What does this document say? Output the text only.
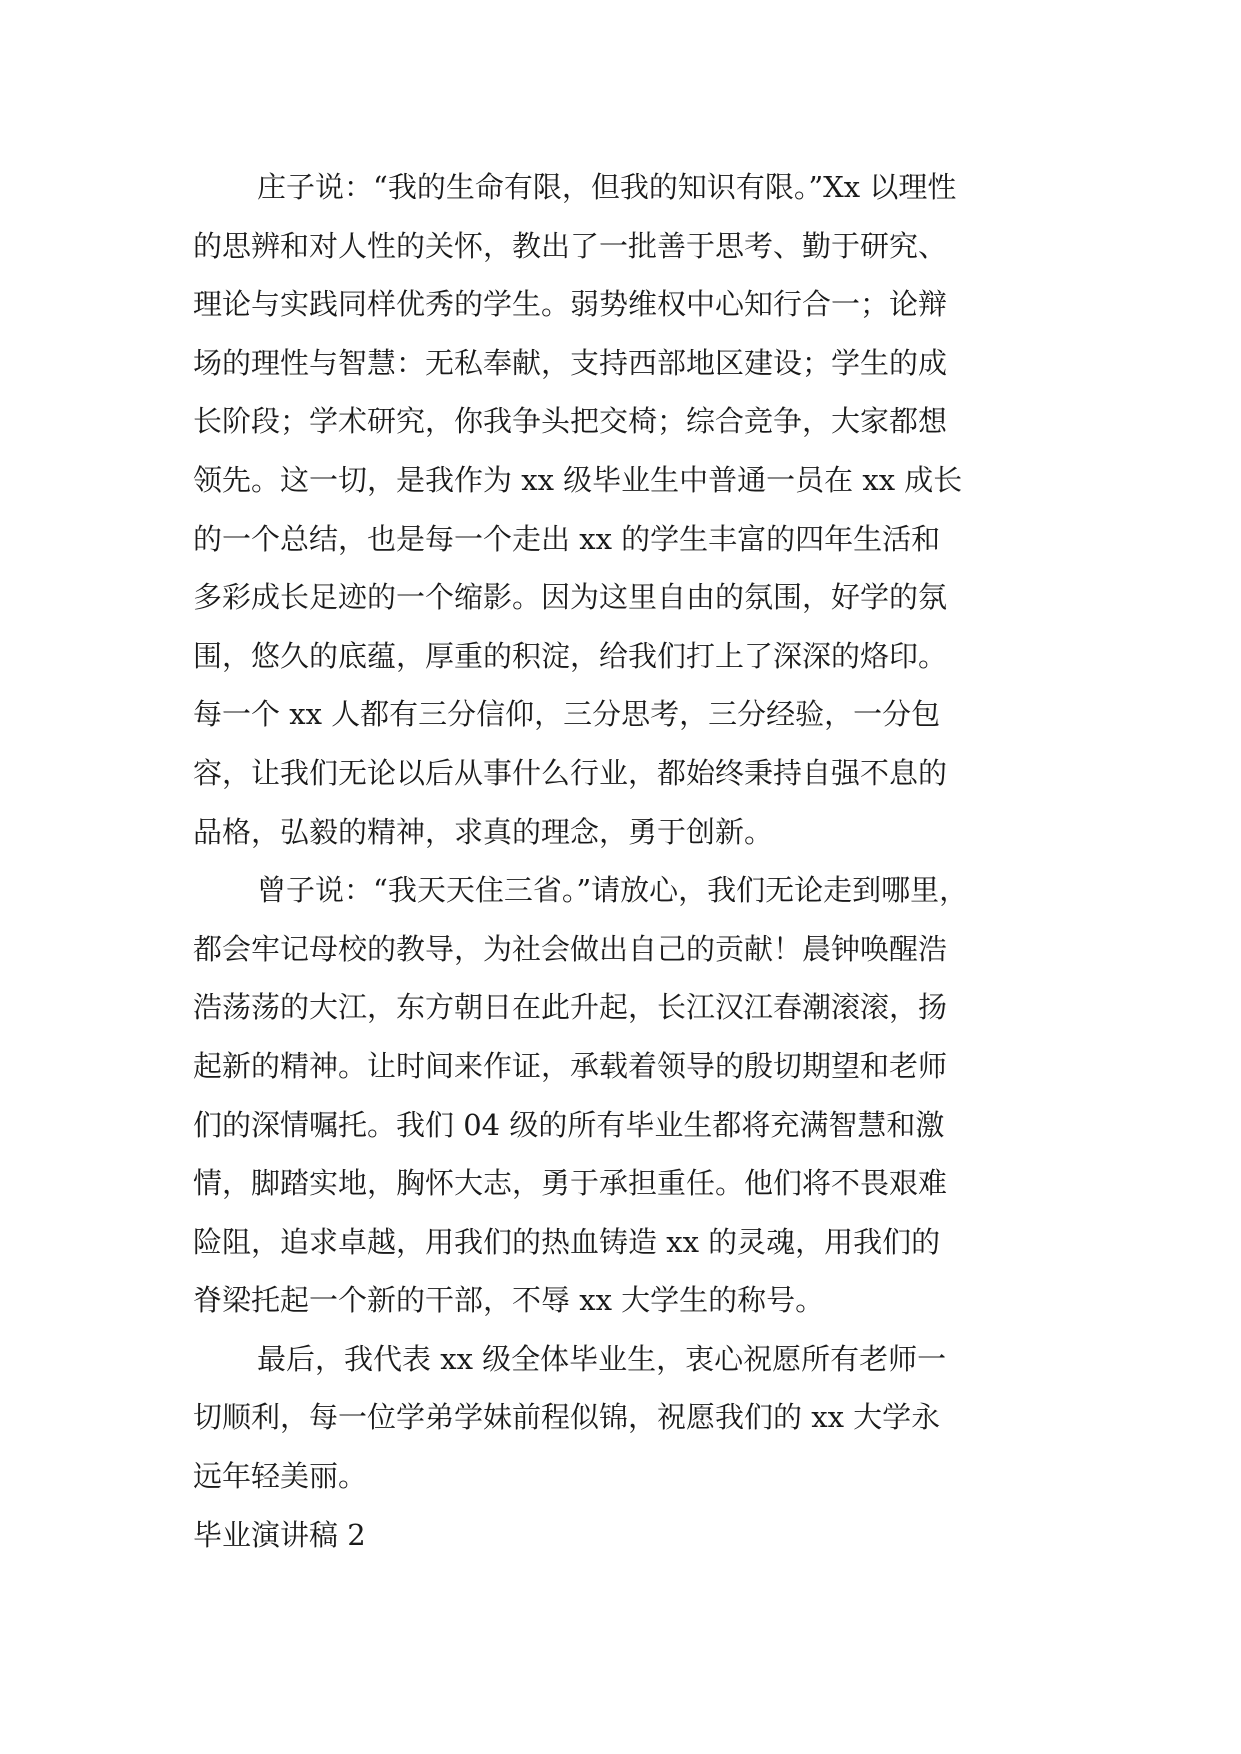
庄子说：“我的生命有限，但我的知识有限。”Xx 以理性
的思辨和对人性的关怀，教出了一批善于思考、勤于研究、
理论与实践同样优秀的学生。弱势维权中心知行合一；论辩
场的理性与智慧：无私奉献，支持西部地区建设；学生的成
长阶段；学术研究，你我争头把交椅；综合竞争，大家都想
领先。这一切，是我作为 xx 级毕业生中普通一员在 xx 成长
的一个总结，也是每一个走出 xx 的学生丰富的四年生活和
多彩成长足迹的一个缩影。因为这里自由的氛围，好学的氛
围，悠久的底蕴，厚重的积淀，给我们打上了深深的烙印。
每一个 xx 人都有三分信仰，三分思考，三分经验，一分包
容，让我们无论以后从事什么行业，都始终秉持自强不息的
品格，弘毅的精神，求真的理念，勇于创新。
曾子说：“我天天住三省。”请放心，我们无论走到哪里，
都会牢记母校的教导，为社会做出自己的贡献！晨钟唤醒浩
浩荡荡的大江，东方朝日在此升起，长江汉江春潮滚滚，扬
起新的精神。让时间来作证，承载着领导的殷切期望和老师
们的深情嘱托。我们 04 级的所有毕业生都将充满智慧和激
情，脚踏实地，胸怀大志，勇于承担重任。他们将不畏艰难
险阻，追求卓越，用我们的热血铸造 xx 的灵魂，用我们的
脊梁托起一个新的干部，不辱 xx 大学生的称号。
最后，我代表 xx 级全体毕业生，衷心祝愿所有老师一
切顺利，每一位学弟学妹前程似锦，祝愿我们的 xx 大学永
远年轻美丽。
毕业演讲稿 2
